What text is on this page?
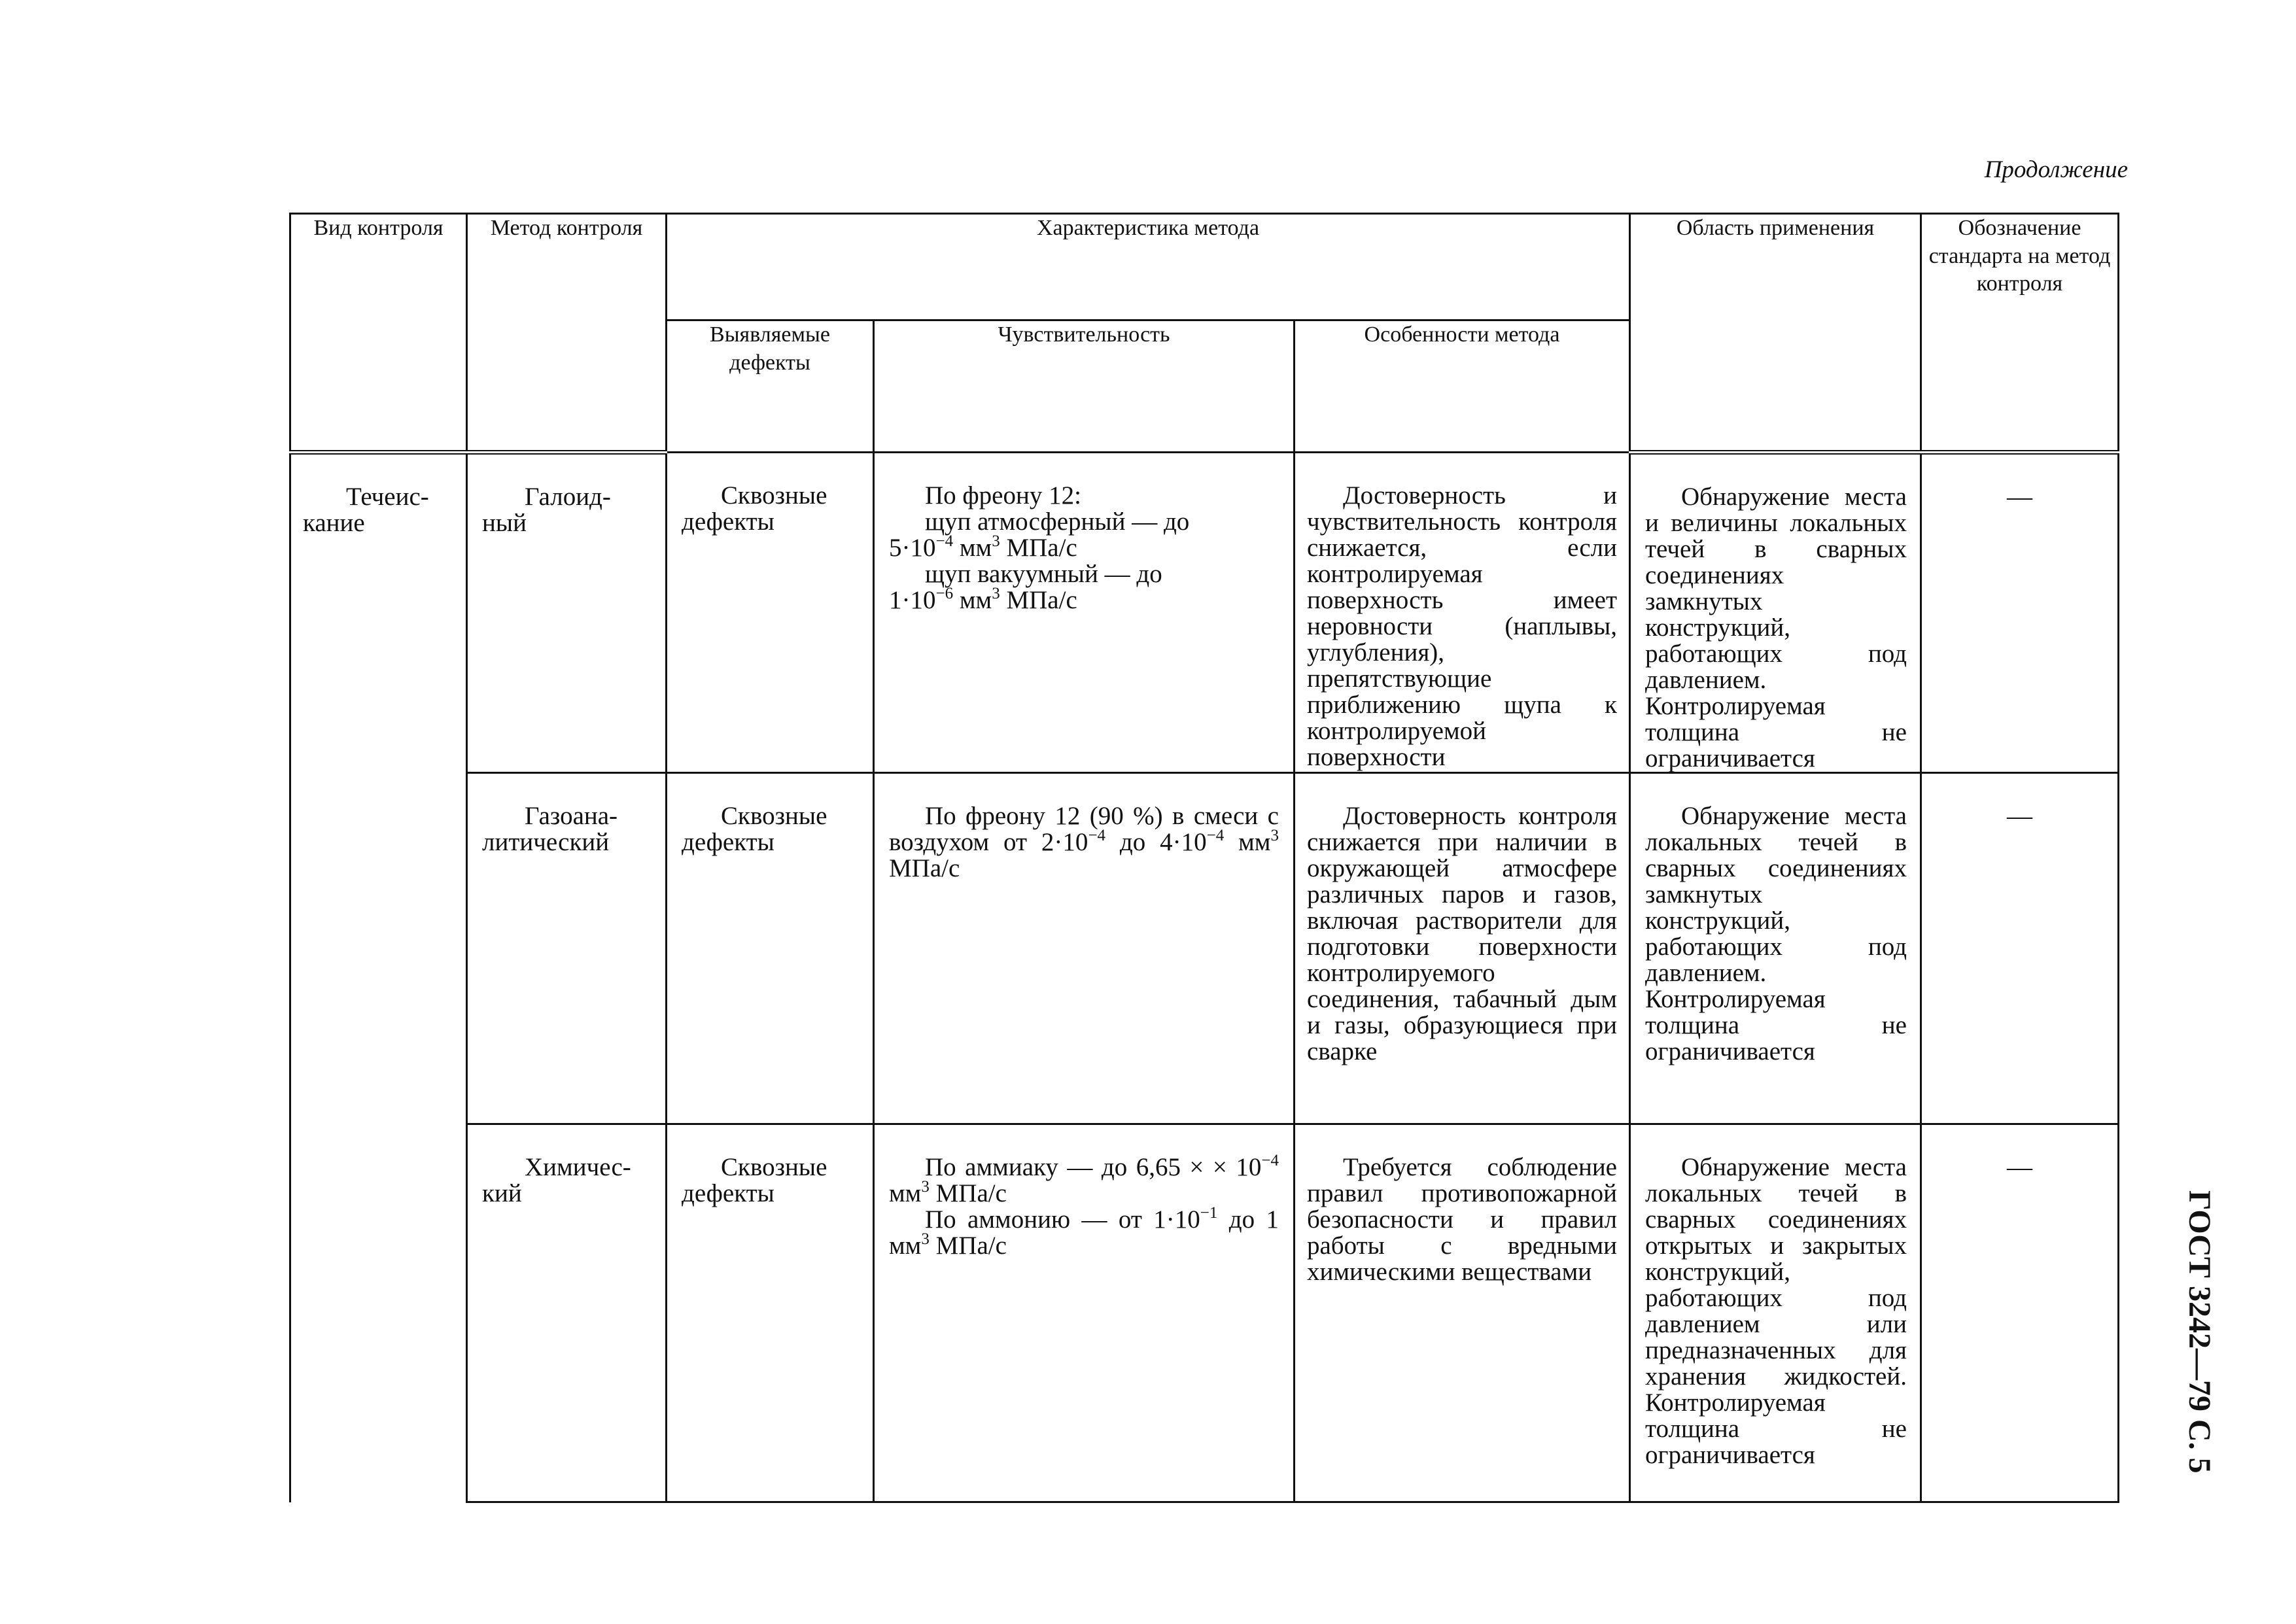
Продолжение
ГОСТ 3242—79 С. 5
Вид контроля	Метод контроля	Характеристика метода			Область применения	Обозначение стандарта на метод контроля
		Выявляемые дефекты	Чувствительность	Особенности метода		

Течеис-кание	Галоид-ный	Сквозные дефекты	По фреону 12:
щуп атмосферный — до
$5\cdot 10^{-4}$ $мм^3$ МПа/с
щуп вакуумный — до
$1\cdot 10^{-6}$ $мм^3$ МПа/с	Достоверность и чувствительность контроля снижается, если контролируемая поверхность имеет неровности (наплывы, углубления), препятствующие приближению щупа к контролируемой поверхности	Обнаружение места и величины локальных течей в сварных соединениях замкнутых конструкций, работающих под давлением. Контролируемая толщина не ограничивается	—

	Газоана-литический	Сквозные дефекты	По фреону 12 (90 %) в смеси с воздухом от $2\cdot 10^{-4}$ до $4\cdot 10^{-4}$ $мм^3$ МПа/с	Достоверность контроля снижается при наличии в окружающей атмосфере различных паров и газов, включая растворители для подготовки поверхности контролируемого соединения, табачный дым и газы, образующиеся при сварке	Обнаружение места локальных течей в сварных соединениях замкнутых конструкций, работающих под давлением. Контролируемая толщина не ограничивается	—

	Химичес-кий	Сквозные дефекты	По аммиаку — до 6,65 × × $10^{-4}$ $мм^3$ МПа/с
По аммонию — от $1\cdot 10^{-1}$ до 1 $мм^3$ МПа/с	Требуется соблюдение правил противопожарной безопасности и правил работы с вредными химическими веществами	Обнаружение места локальных течей в сварных соединениях открытых и закрытых конструкций, работающих под давлением или предназначенных для хранения жидкостей. Контролируемая толщина не ограничивается	—
